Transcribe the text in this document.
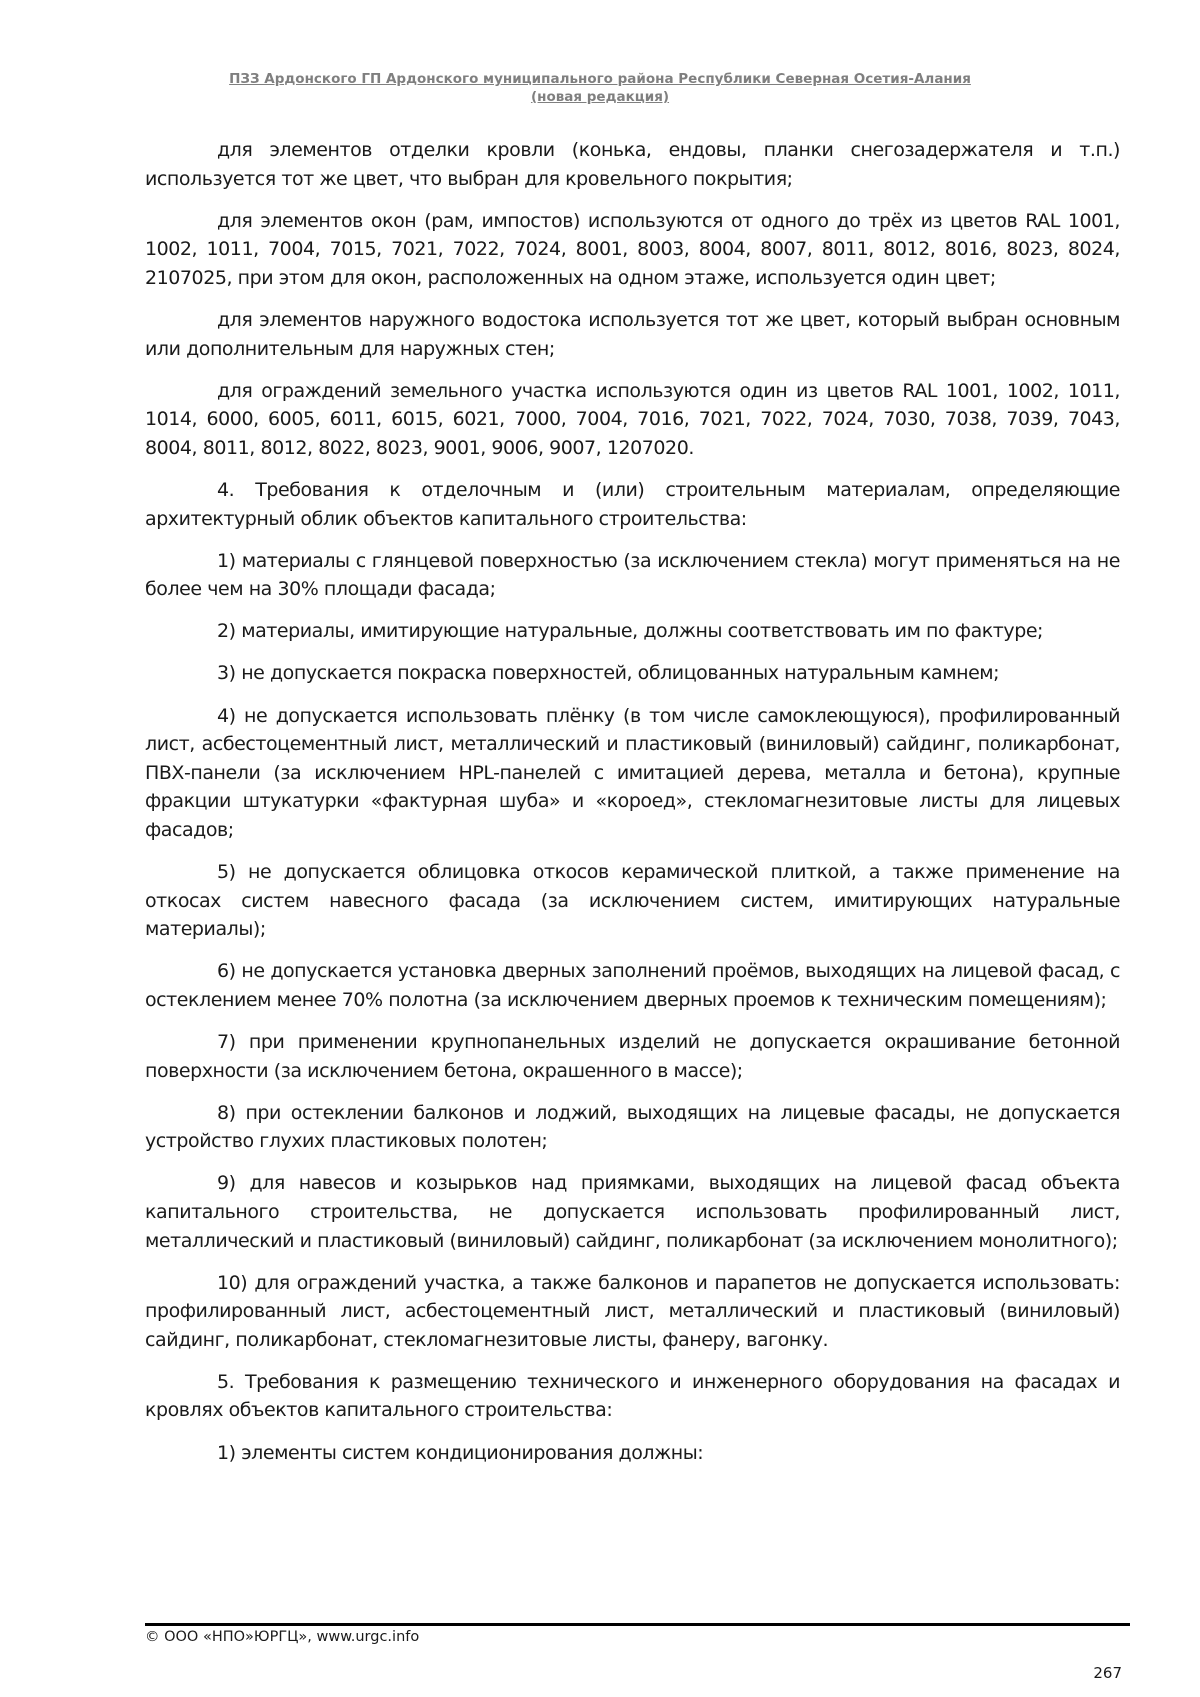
ПЗЗ Ардонского ГП Ардонского муниципального района Республики Северная Осетия-Алания
(новая редакция)

для элементов отделки кровли (конька, ендовы, планки снегозадержателя и т.п.) используется тот же цвет, что выбран для кровельного покрытия;

для элементов окон (рам, импостов) используются от одного до трёх из цветов RAL 1001, 1002, 1011, 7004, 7015, 7021, 7022, 7024, 8001, 8003, 8004, 8007, 8011, 8012, 8016, 8023, 8024, 2107025, при этом для окон, расположенных на одном этаже, используется один цвет;

для элементов наружного водостока используется тот же цвет, который выбран основным или дополнительным для наружных стен;

для ограждений земельного участка используются один из цветов RAL 1001, 1002, 1011, 1014, 6000, 6005, 6011, 6015, 6021, 7000, 7004, 7016, 7021, 7022, 7024, 7030, 7038, 7039, 7043, 8004, 8011, 8012, 8022, 8023, 9001, 9006, 9007, 1207020.

4. Требования к отделочным и (или) строительным материалам, определяющие архитектурный облик объектов капитального строительства:

1) материалы с глянцевой поверхностью (за исключением стекла) могут применяться на не более чем на 30% площади фасада;

2) материалы, имитирующие натуральные, должны соответствовать им по фактуре;

3) не допускается покраска поверхностей, облицованных натуральным камнем;

4) не допускается использовать плёнку (в том числе самоклеющуюся), профилированный лист, асбестоцементный лист, металлический и пластиковый (виниловый) сайдинг, поликарбонат, ПВХ-панели (за исключением HPL-панелей с имитацией дерева, металла и бетона), крупные фракции штукатурки «фактурная шуба» и «короед», стекломагнезитовые листы для лицевых фасадов;

5) не допускается облицовка откосов керамической плиткой, а также применение на откосах систем навесного фасада (за исключением систем, имитирующих натуральные материалы);

6) не допускается установка дверных заполнений проёмов, выходящих на лицевой фасад, с остеклением менее 70% полотна (за исключением дверных проемов к техническим помещениям);

7) при применении крупнопанельных изделий не допускается окрашивание бетонной поверхности (за исключением бетона, окрашенного в массе);

8) при остеклении балконов и лоджий, выходящих на лицевые фасады, не допускается устройство глухих пластиковых полотен;

9) для навесов и козырьков над приямками, выходящих на лицевой фасад объекта капитального строительства, не допускается использовать профилированный лист, металлический и пластиковый (виниловый) сайдинг, поликарбонат (за исключением монолитного);

10) для ограждений участка, а также балконов и парапетов не допускается использовать: профилированный лист, асбестоцементный лист, металлический и пластиковый (виниловый) сайдинг, поликарбонат, стекломагнезитовые листы, фанеру, вагонку.

5. Требования к размещению технического и инженерного оборудования на фасадах и кровлях объектов капитального строительства:

1) элементы систем кондиционирования должны:

© ООО «НПО»ЮРГЦ», www.urgc.info
267
